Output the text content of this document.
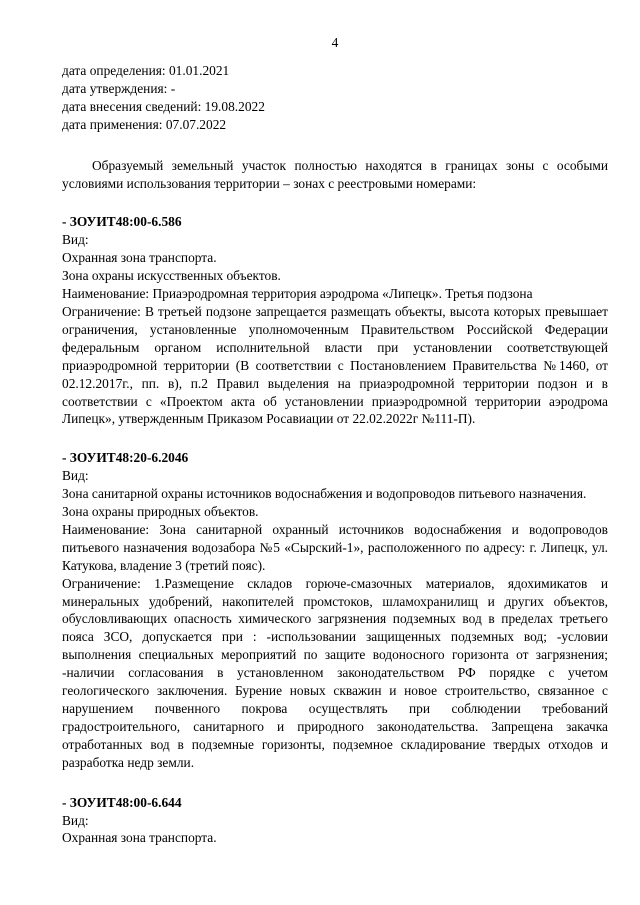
4
дата определения: 01.01.2021
дата утверждения: -
дата внесения сведений: 19.08.2022
дата применения: 07.07.2022
Образуемый земельный участок полностью находятся в границах зоны с особыми условиями использования территории – зонах с реестровыми номерами:
- ЗОУИТ48:00-6.586

Вид:

Охранная зона транспорта.

Зона охраны искусственных объектов.

Наименование: Приаэродромная территория аэродрома «Липецк». Третья подзона

Ограничение: В третьей подзоне запрещается размещать объекты, высота которых превышает ограничения, установленные уполномоченным Правительством Российской Федерации федеральным органом исполнительной власти при установлении соответствующей приаэродромной территории (В соответствии с Постановлением Правительства №1460, от 02.12.2017г., пп. в), п.2 Правил выделения на приаэродромной территории подзон и в соответствии с «Проектом акта об установлении приаэродромной территории аэродрома Липецк», утвержденным Приказом Росавиации от 22.02.2022г №111-П).

- ЗОУИТ48:20-6.2046

Вид:

Зона санитарной охраны источников водоснабжения и водопроводов питьевого назначения.

Зона охраны природных объектов.

Наименование: Зона санитарной охранный источников водоснабжения и водопроводов питьевого назначения водозабора №5 «Сырский-1», расположенного по адресу: г. Липецк, ул. Катукова, владение 3 (третий пояс).

Ограничение: 1.Размещение складов горюче-смазочных материалов, ядохимикатов и минеральных удобрений, накопителей промстоков, шламохранилищ и других объектов, обусловливающих опасность химического загрязнения подземных вод в пределах третьего пояса ЗСО, допускается при : -использовании защищенных подземных вод; -условии выполнения специальных мероприятий по защите водоносного горизонта от загрязнения; -наличии согласования в установленном законодательством РФ порядке с учетом геологического заключения. Бурение новых скважин и новое строительство, связанное с нарушением почвенного покрова осуществлять при соблюдении требований градостроительного, санитарного и природного законодательства. Запрещена закачка отработанных вод в подземные горизонты, подземное складирование твердых отходов и разработка недр земли.

- ЗОУИТ48:00-6.644

Вид:

Охранная зона транспорта.
